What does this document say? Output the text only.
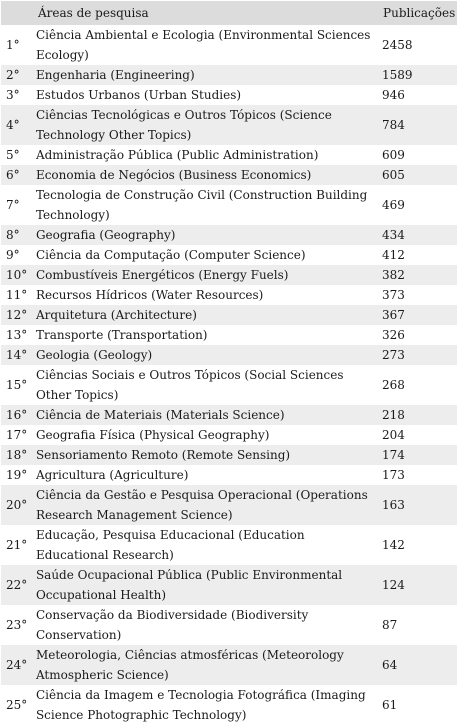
	Áreas de pesquisa	Publicações
1°	Ciência Ambiental e Ecologia (Environmental Sciences Ecology)	2458
2°	Engenharia (Engineering)	1589
3°	Estudos Urbanos (Urban Studies)	946
4°	Ciências Tecnológicas e Outros Tópicos (Science Technology Other Topics)	784
5°	Administração Pública (Public Administration)	609
6°	Economia de Negócios (Business Economics)	605
7°	Tecnologia de Construção Civil (Construction Building Technology)	469
8°	Geografia (Geography)	434
9°	Ciência da Computação (Computer Science)	412
10°	Combustíveis Energéticos (Energy Fuels)	382
11°	Recursos Hídricos (Water Resources)	373
12°	Arquitetura (Architecture)	367
13°	Transporte (Transportation)	326
14°	Geologia (Geology)	273
15°	Ciências Sociais e Outros Tópicos (Social Sciences Other Topics)	268
16°	Ciência de Materiais (Materials Science)	218
17°	Geografia Física (Physical Geography)	204
18°	Sensoriamento Remoto (Remote Sensing)	174
19°	Agricultura (Agriculture)	173
20°	Ciência da Gestão e Pesquisa Operacional (Operations Research Management Science)	163
21°	Educação, Pesquisa Educacional (Education Educational Research)	142
22°	Saúde Ocupacional Pública (Public Environmental Occupational Health)	124
23°	Conservação da Biodiversidade (Biodiversity Conservation)	87
24°	Meteorologia, Ciências atmosféricas (Meteorology Atmospheric Science)	64
25°	Ciência da Imagem e Tecnologia Fotográfica (Imaging Science Photographic Technology)	61
